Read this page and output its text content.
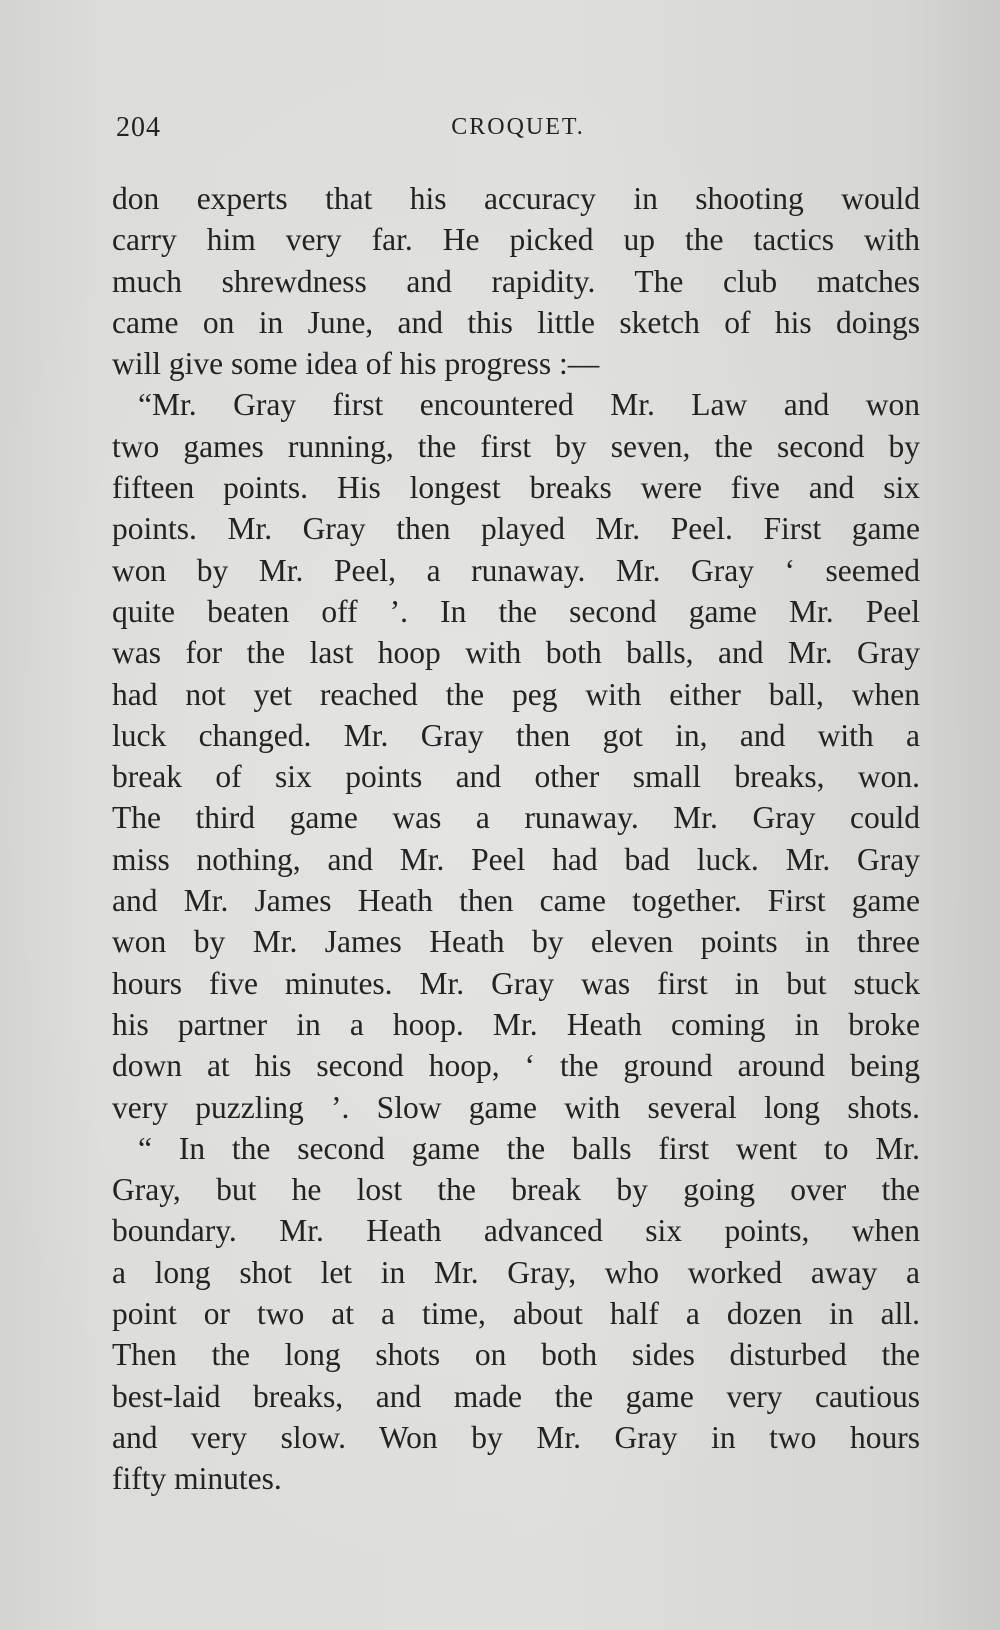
204	CROQUET.
don experts that his accuracy in shooting would
carry him very far. He picked up the tactics with
much shrewdness and rapidity. The club matches
came on in June, and this little sketch of his doings
will give some idea of his progress :—
“Mr. Gray first encountered Mr. Law and won
two games running, the first by seven, the second by
fifteen points. His longest breaks were five and six
points. Mr. Gray then played Mr. Peel. First game
won by Mr. Peel, a runaway. Mr. Gray ‘ seemed
quite beaten off ’. In the second game Mr. Peel
was for the last hoop with both balls, and Mr. Gray
had not yet reached the peg with either ball, when
luck changed. Mr. Gray then got in, and with a
break of six points and other small breaks, won.
The third game was a runaway. Mr. Gray could
miss nothing, and Mr. Peel had bad luck. Mr. Gray
and Mr. James Heath then came together. First game
won by Mr. James Heath by eleven points in three
hours five minutes. Mr. Gray was first in but stuck
his partner in a hoop. Mr. Heath coming in broke
down at his second hoop, ‘ the ground around being
very puzzling ’. Slow game with several long shots.
“ In the second game the balls first went to Mr.
Gray, but he lost the break by going over the
boundary. Mr. Heath advanced six points, when
a long shot let in Mr. Gray, who worked away a
point or two at a time, about half a dozen in all.
Then the long shots on both sides disturbed the
best-laid breaks, and made the game very cautious
and very slow. Won by Mr. Gray in two hours
fifty minutes.
